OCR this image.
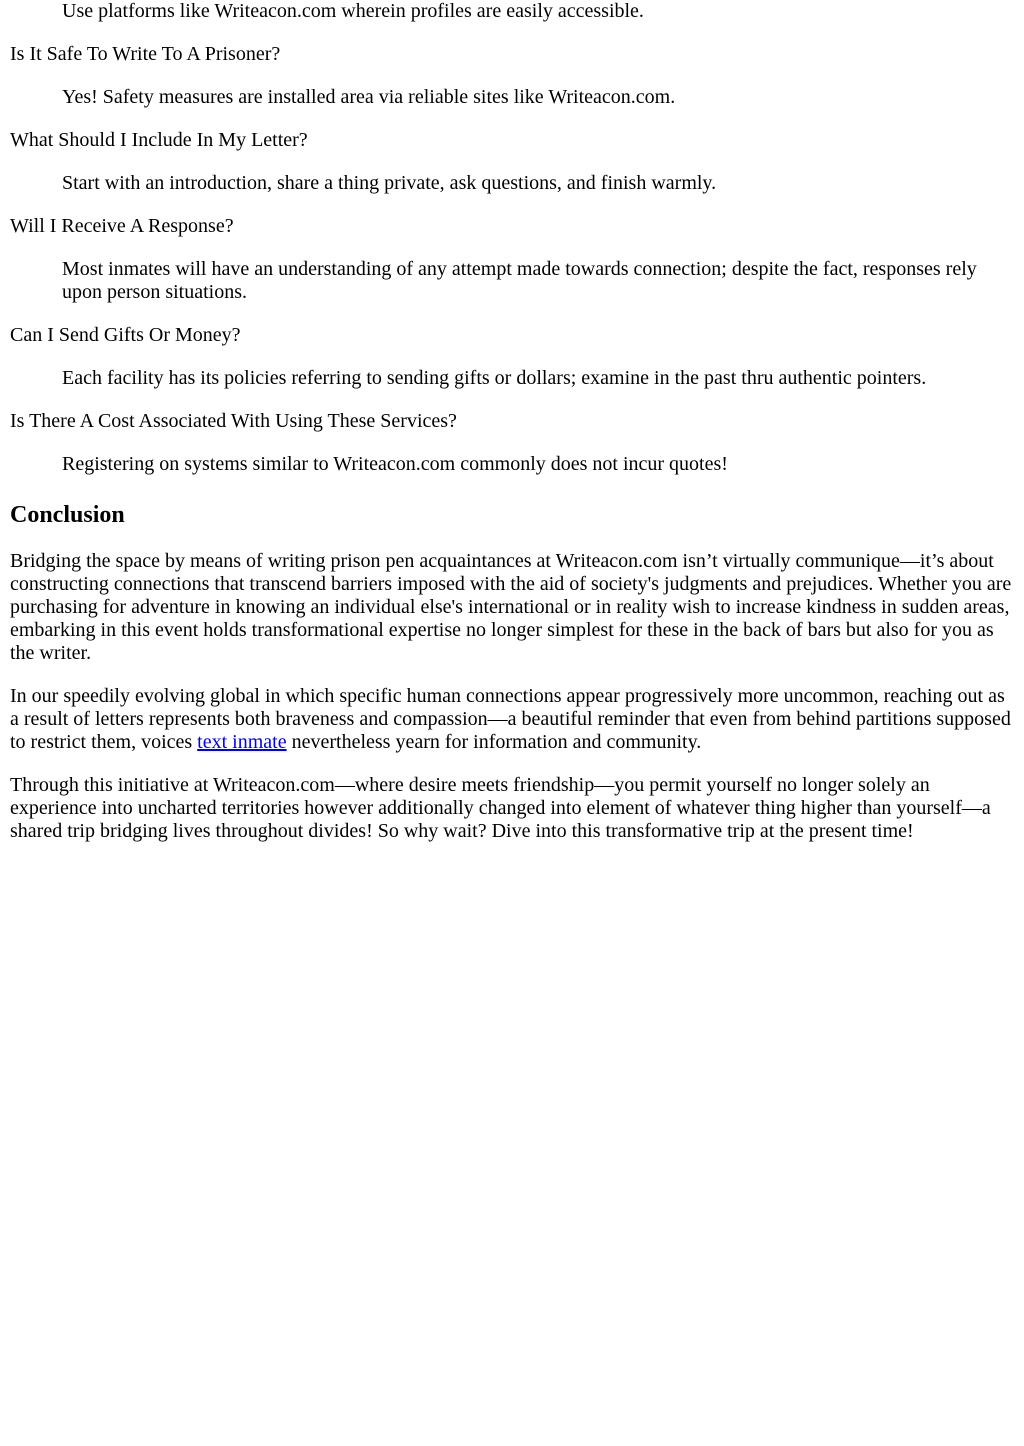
Use platforms like Writeacon.com wherein profiles are easily accessible.
Is It Safe To Write To A Prisoner?
Yes! Safety measures are installed area via reliable sites like Writeacon.com.
What Should I Include In My Letter?
Start with an introduction, share a thing private, ask questions, and finish warmly.
Will I Receive A Response?
Most inmates will have an understanding of any attempt made towards connection; despite the fact, responses rely upon person situations.
Can I Send Gifts Or Money?
Each facility has its policies referring to sending gifts or dollars; examine in the past thru authentic pointers.
Is There A Cost Associated With Using These Services?
Registering on systems similar to Writeacon.com commonly does not incur quotes!
Conclusion

Bridging the space by means of writing prison pen acquaintances at Writeacon.com isn’t virtually communique—it’s about constructing connections that transcend barriers imposed with the aid of society's judgments and prejudices. Whether you are purchasing for adventure in knowing an individual else's international or in reality wish to increase kindness in sudden areas, embarking in this event holds transformational expertise no longer simplest for these in the back of bars but also for you as the writer.

In our speedily evolving global in which specific human connections appear progressively more uncommon, reaching out as a result of letters represents both braveness and compassion—a beautiful reminder that even from behind partitions supposed to restrict them, voices text inmate nevertheless yearn for information and community.

Through this initiative at Writeacon.com—where desire meets friendship—you permit yourself no longer solely an experience into uncharted territories however additionally changed into element of whatever thing higher than yourself—a shared trip bridging lives throughout divides! So why wait? Dive into this transformative trip at the present time!
